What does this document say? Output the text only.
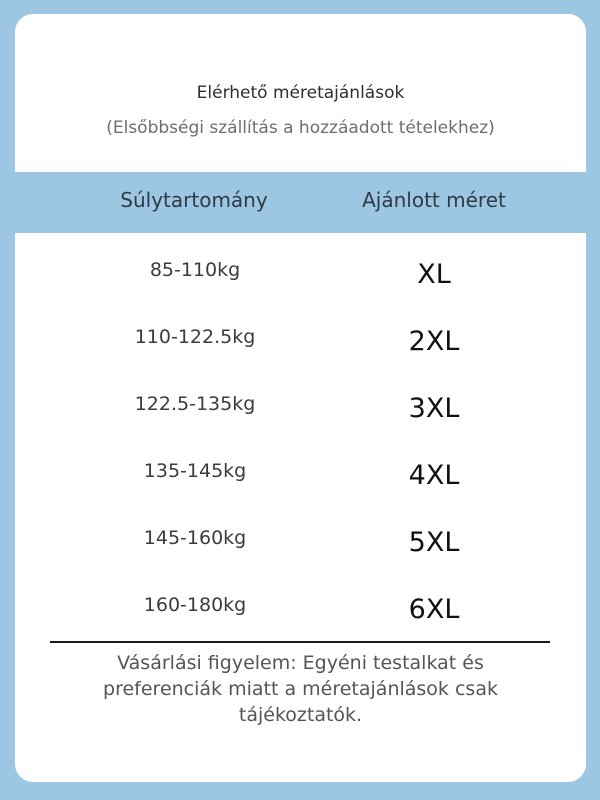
Elérhető méretajánlások
(Elsőbbségi szállítás a hozzáadott tételekhez)
Súlytartomány	Ajánlott méret
85-110kg	XL
110-122.5kg	2XL
122.5-135kg	3XL
135-145kg	4XL
145-160kg	5XL
160-180kg	6XL
Vásárlási figyelem: Egyéni testalkat és preferenciák miatt a méretajánlások csak tájékoztatók.
